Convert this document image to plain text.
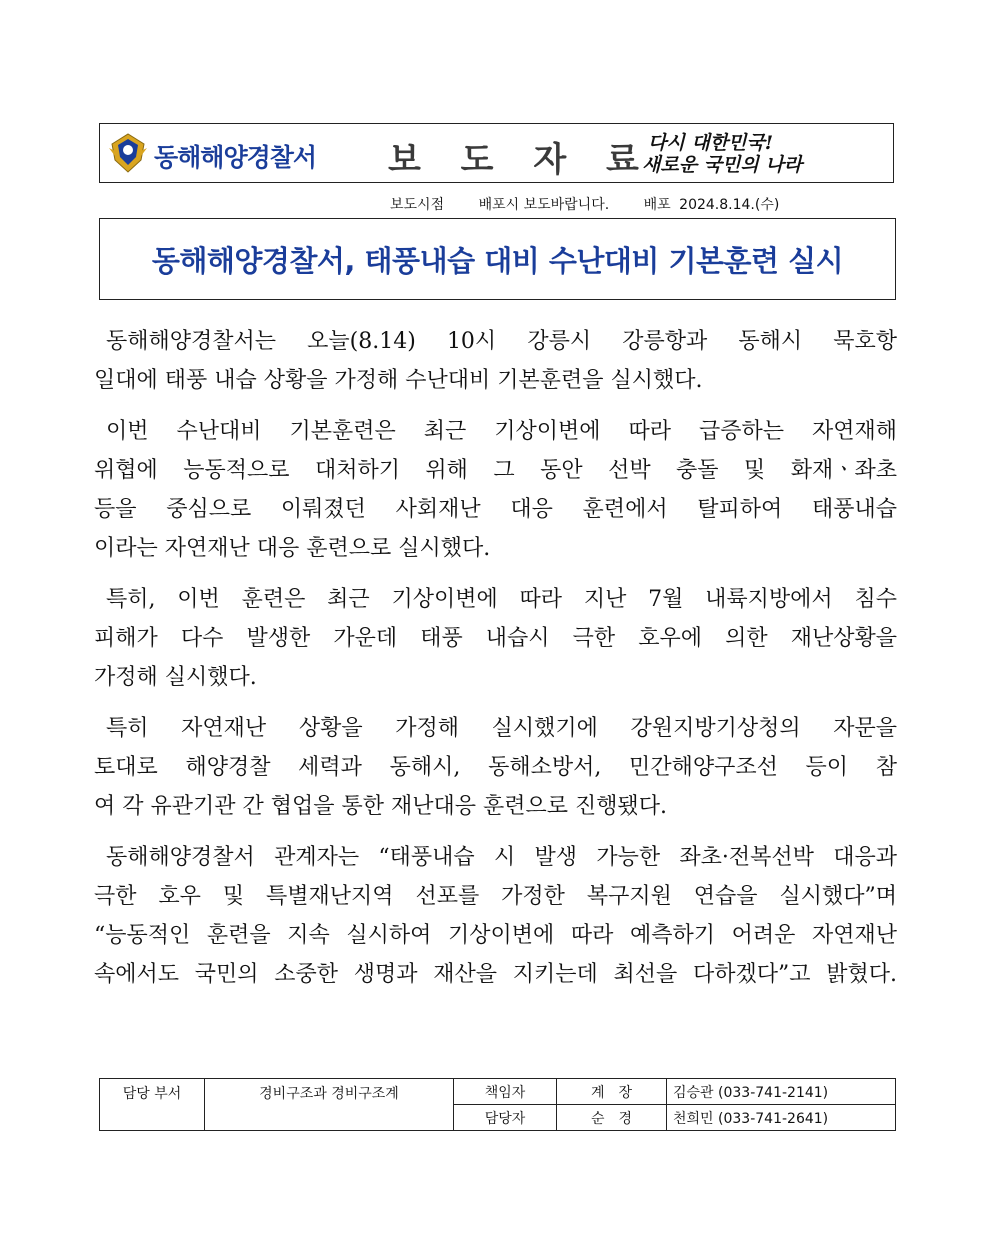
동해해양경찰서 보 도 자 료
다시 대한민국!
새로운 국민의 나라
보도시점 배포시 보도바랍니다. 배포 2024.8.14.(수)
동해해양경찰서, 태풍내습 대비 수난대비 기본훈련 실시
동해해양경찰서는 오늘(8.14) 10시 강릉시 강릉항과 동해시 묵호항
일대에 태풍 내습 상황을 가정해 수난대비 기본훈련을 실시했다.
이번 수난대비 기본훈련은 최근 기상이변에 따라 급증하는 자연재해
위협에 능동적으로 대처하기 위해 그 동안 선박 충돌 및 화재ㆍ좌초
등을 중심으로 이뤄졌던 사회재난 대응 훈련에서 탈피하여 태풍내습
이라는 자연재난 대응 훈련으로 실시했다.
특히, 이번 훈련은 최근 기상이변에 따라 지난 7월 내륙지방에서 침수
피해가 다수 발생한 가운데 태풍 내습시 극한 호우에 의한 재난상황을
가정해 실시했다.
특히 자연재난 상황을 가정해 실시했기에 강원지방기상청의 자문을
토대로 해양경찰 세력과 동해시, 동해소방서, 민간해양구조선 등이 참
여 각 유관기관 간 협업을 통한 재난대응 훈련으로 진행됐다.
동해해양경찰서 관계자는 “태풍내습 시 발생 가능한 좌초·전복선박 대응과
극한 호우 및 특별재난지역 선포를 가정한 복구지원 연습을 실시했다”며
“능동적인 훈련을 지속 실시하여 기상이변에 따라 예측하기 어려운 자연재난
속에서도 국민의 소중한 생명과 재산을 지키는데 최선을 다하겠다”고 밝혔다.
담당 부서	경비구조과 경비구조계	책임자	계　장	김승관 (033-741-2141)
		담당자	순　경	천희민 (033-741-2641)
